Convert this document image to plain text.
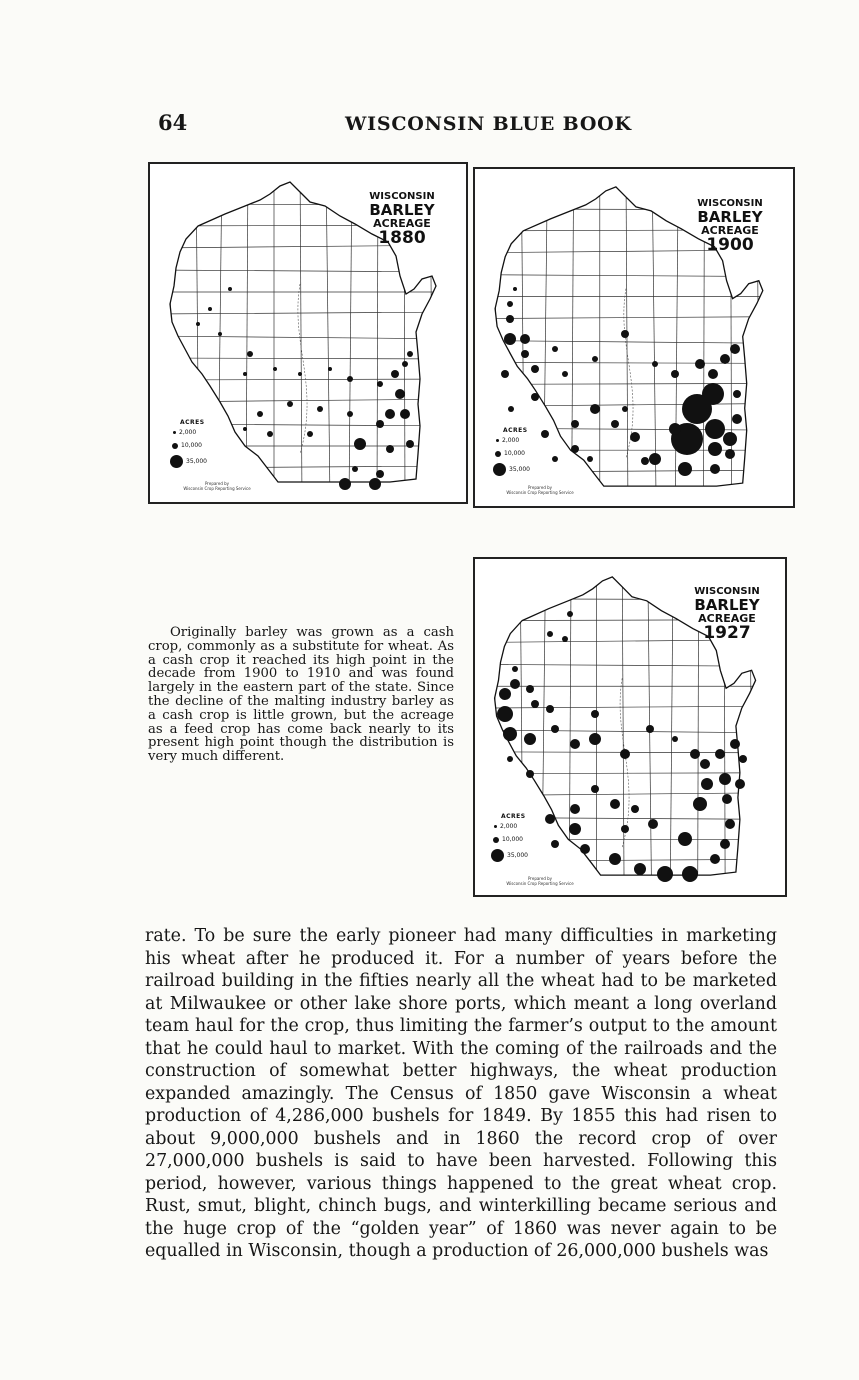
64	WISCONSIN BLUE BOOK
WISCONSIN
BARLEY
ACREAGE
1880
ACRES
2,000
10,000
35,000
Prepared by
Wisconsin Crop Reporting Service
WISCONSIN
BARLEY
ACREAGE
1900
ACRES
2,000
10,000
35,000
Prepared by
Wisconsin Crop Reporting Service
WISCONSIN
BARLEY
ACREAGE
1927
ACRES
2,000
10,000
35,000
Prepared by
Wisconsin Crop Reporting Service

Originally barley was grown as a cash crop, commonly as a substitute for wheat. As a cash crop it reached its high point in the decade from 1900 to 1910 and was found largely in the eastern part of the state. Since the decline of the malting industry barley as a cash crop is little grown, but the acreage as a feed crop has come back nearly to its present high point though the distribution is very much different.

rate. To be sure the early pioneer had many difficulties in marketing his wheat after he produced it. For a number of years before the railroad building in the fifties nearly all the wheat had to be marketed at Milwaukee or other lake shore ports, which meant a long overland team haul for the crop, thus limiting the farmer’s output to the amount that he could haul to market. With the coming of the railroads and the construction of somewhat better highways, the wheat production expanded amazingly. The Census of 1850 gave Wisconsin a wheat production of 4,286,000 bushels for 1849. By 1855 this had risen to about 9,000,000 bushels and in 1860 the record crop of over 27,000,000 bushels is said to have been harvested. Following this period, however, various things happened to the great wheat crop. Rust, smut, blight, chinch bugs, and winterkilling became serious and the huge crop of the “golden year” of 1860 was never again to be equalled in Wisconsin, though a production of 26,000,000 bushels was
